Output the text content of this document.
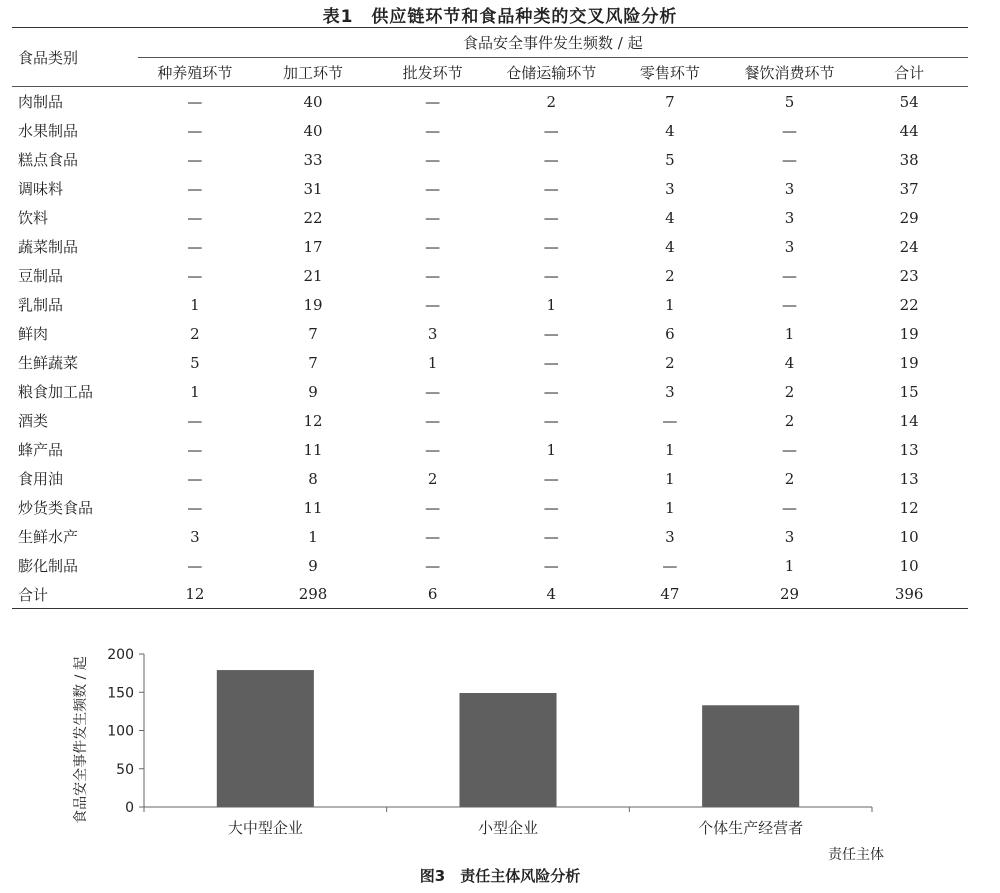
表1　供应链环节和食品种类的交叉风险分析
食品类别	食品安全事件发生频数 / 起						
	种养殖环节	加工环节	批发环节	仓储运输环节	零售环节	餐饮消费环节	合计
肉制品	—	40	—	2	7	5	54
水果制品	—	40	—	—	4	—	44
糕点食品	—	33	—	—	5	—	38
调味料	—	31	—	—	3	3	37
饮料	—	22	—	—	4	3	29
蔬菜制品	—	17	—	—	4	3	24
豆制品	—	21	—	—	2	—	23
乳制品	1	19	—	1	1	—	22
鲜肉	2	7	3	—	6	1	19
生鲜蔬菜	5	7	1	—	2	4	19
粮食加工品	1	9	—	—	3	2	15
酒类	—	12	—	—	—	2	14
蜂产品	—	11	—	1	1	—	13
食用油	—	8	2	—	1	2	13
炒货类食品	—	11	—	—	1	—	12
生鲜水产	3	1	—	—	3	3	10
膨化制品	—	9	—	—	—	1	10
合计	12	298	6	4	47	29	396
0
50
100
150
200
大中型企业	小型企业	个体生产经营者
食品安全事件发生频数 / 起
责任主体
图3　责任主体风险分析
